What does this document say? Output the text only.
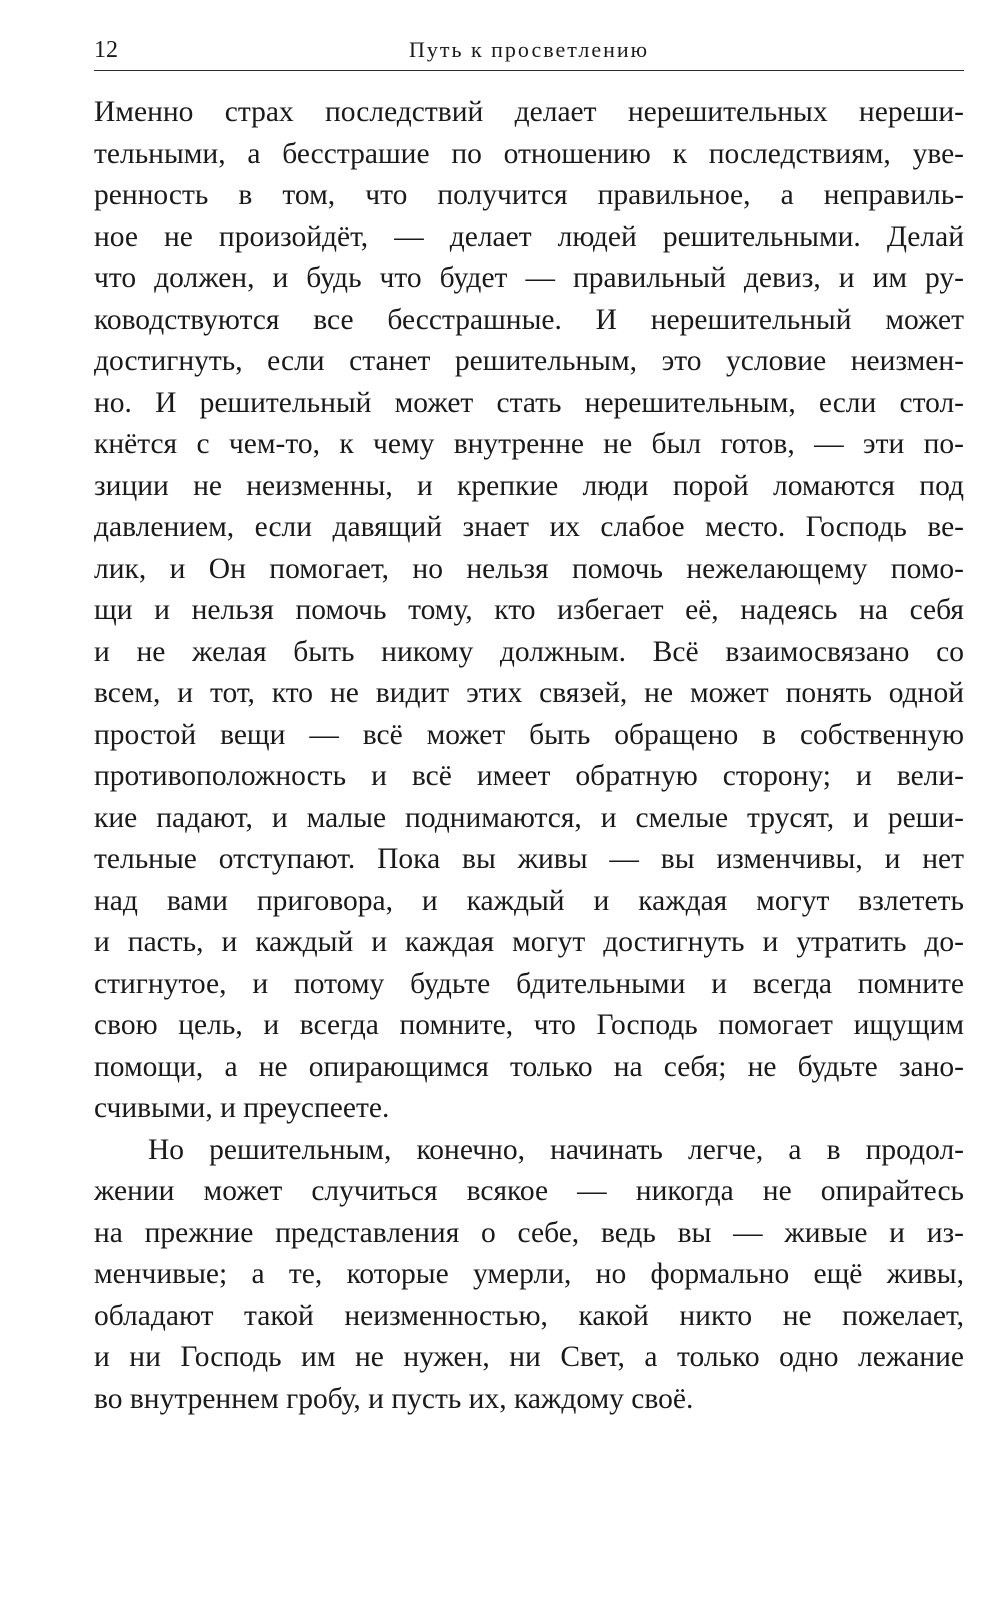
12	Путь к просветлению
Именно страх последствий делает нерешительных нереши-
тельными, а бесстрашие по отношению к последствиям, уве-
ренность в том, что получится правильное, а неправиль-
ное не произойдёт, — делает людей решительными. Делай
что должен, и будь что будет — правильный девиз, и им ру-
ководствуются все бесстрашные. И нерешительный может
достигнуть, если станет решительным, это условие неизмен-
но. И решительный может стать нерешительным, если стол-
кнётся с чем-то, к чему внутренне не был готов, — эти по-
зиции не неизменны, и крепкие люди порой ломаются под
давлением, если давящий знает их слабое место. Господь ве-
лик, и Он помогает, но нельзя помочь нежелающему помо-
щи и нельзя помочь тому, кто избегает её, надеясь на себя
и не желая быть никому должным. Всё взаимосвязано со
всем, и тот, кто не видит этих связей, не может понять одной
простой вещи — всё может быть обращено в собственную
противоположность и всё имеет обратную сторону; и вели-
кие падают, и малые поднимаются, и смелые трусят, и реши-
тельные отступают. Пока вы живы — вы изменчивы, и нет
над вами приговора, и каждый и каждая могут взлететь
и пасть, и каждый и каждая могут достигнуть и утратить до-
стигнутое, и потому будьте бдительными и всегда помните
свою цель, и всегда помните, что Господь помогает ищущим
помощи, а не опирающимся только на себя; не будьте зано-
счивыми, и преуспеете.
Но решительным, конечно, начинать легче, а в продол-
жении может случиться всякое — никогда не опирайтесь
на прежние представления о себе, ведь вы — живые и из-
менчивые; а те, которые умерли, но формально ещё живы,
обладают такой неизменностью, какой никто не пожелает,
и ни Господь им не нужен, ни Свет, а только одно лежание
во внутреннем гробу, и пусть их, каждому своё.
